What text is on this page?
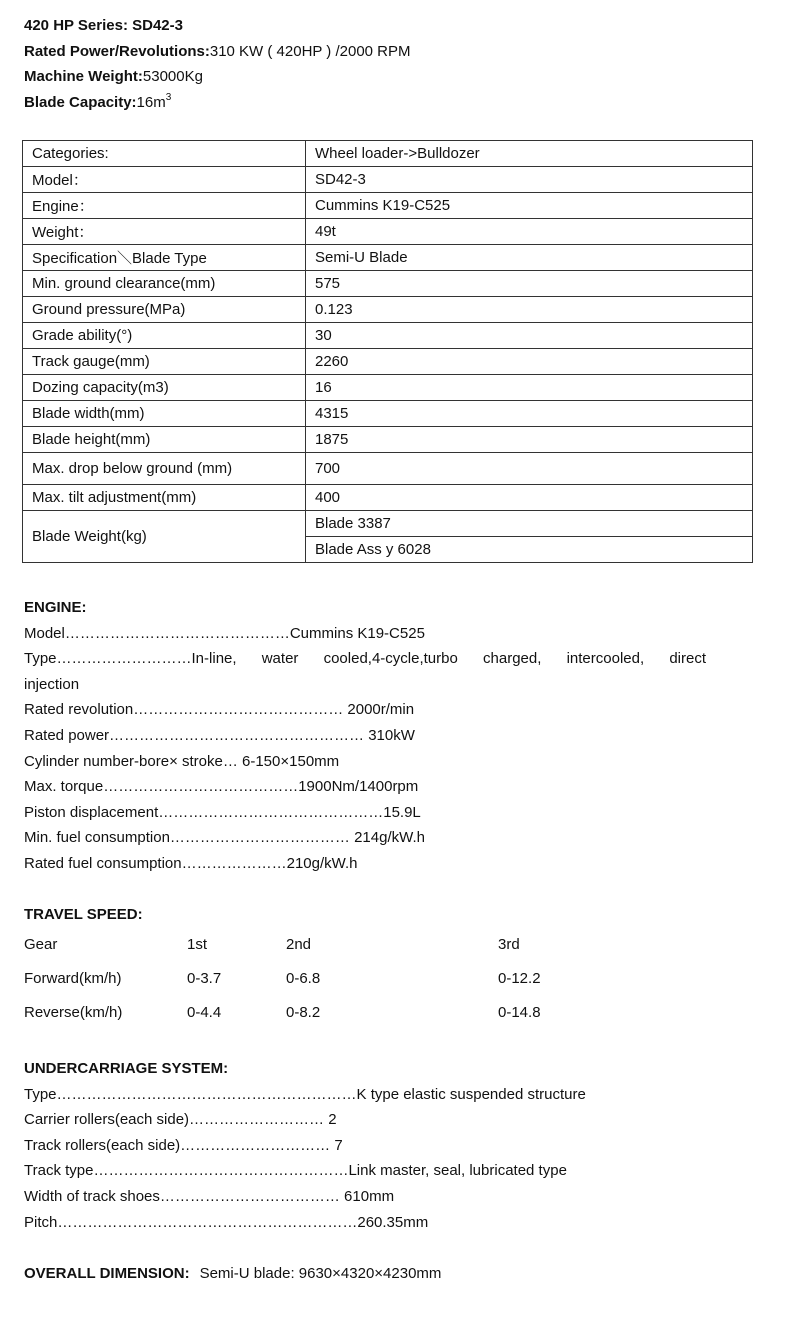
420 HP Series: SD42-3
Rated Power/Revolutions:310 KW ( 420HP ) /2000 RPM
Machine Weight:53000Kg
Blade $Capacity:16m^3$
Categories:	Wheel loader->Bulldozer
Model：	SD42-3
Engine：	Cummins K19-C525
Weight：	49t
Specification＼Blade Type	Semi-U Blade
Min. ground clearance(mm)	575
Ground pressure(MPa)	0.123
Grade ability(°)	30
Track gauge(mm)	2260
Dozing capacity(m3)	16
Blade width(mm)	4315
Blade height(mm)	1875
Max. drop below ground (mm)	700
Max. tilt adjustment(mm)	400
Blade Weight(kg)	Blade 3387
	Blade Ass y 6028
ENGINE:
Model………………………………………Cummins K19-C525
Type………………………In-line, water cooled,4-cycle,turbo charged, intercooled, direct
injection
Rated revolution…………………………………… 2000r/min
Rated power…………………………………………… 310kW
Cylinder number-bore× stroke… 6-150×150mm
Max. torque…………………………………1900Nm/1400rpm
Piston displacement………………………………………15.9L
Min. fuel consumption……………………………… 214g/kW.h
Rated fuel consumption…………………210g/kW.h
TRAVEL SPEED:
Gear	1st	2nd	3rd
Forward(km/h)	0-3.7	0-6.8	0-12.2
Reverse(km/h)	0-4.4	0-8.2	0-14.8
UNDERCARRIAGE SYSTEM:
Type……………………………………………………K type elastic suspended structure
Carrier rollers(each side)……………………… 2
Track rollers(each side)………………………… 7
Track type……………………………………………Link master, seal, lubricated type
Width of track shoes……………………………… 610mm
Pitch……………………………………………………260.35mm
OVERALL DIMENSION: Semi-U blade: 9630×4320×4230mm
